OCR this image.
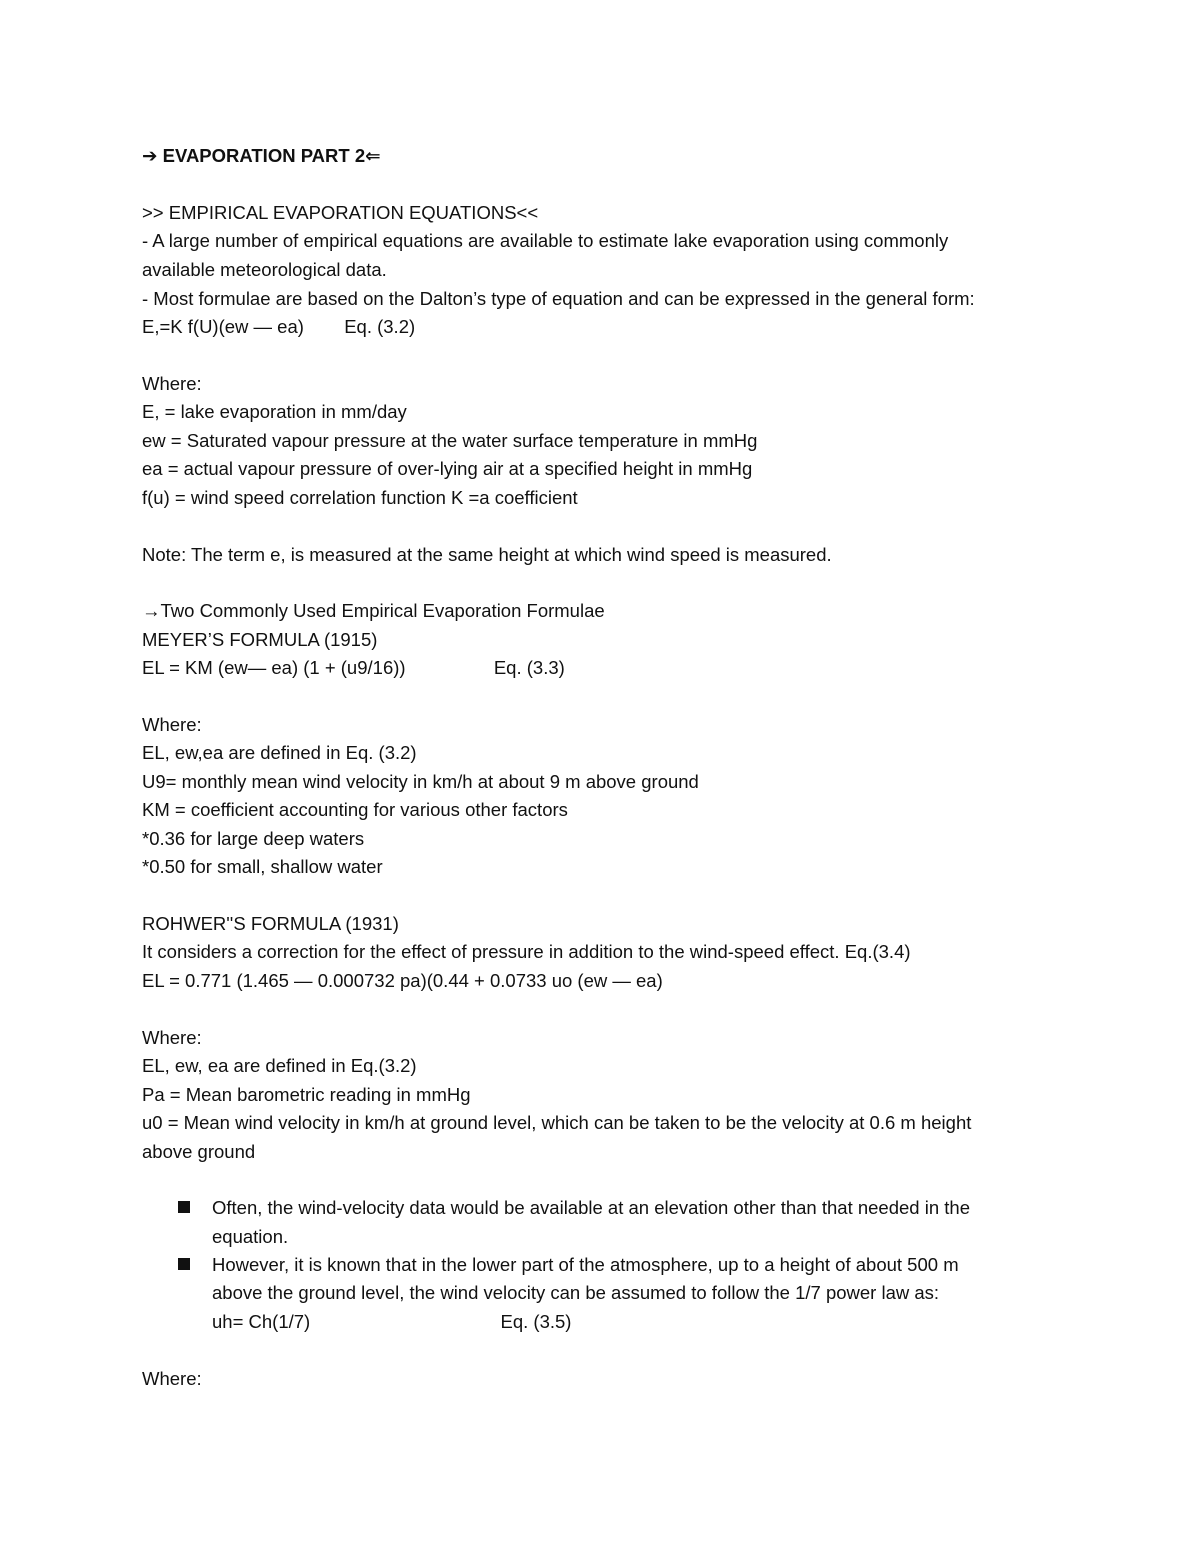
➔ EVAPORATION PART 2⇐
>> EMPIRICAL EVAPORATION EQUATIONS<<
- A large number of empirical equations are available to estimate lake evaporation using commonly
available meteorological data.
- Most formulae are based on the Dalton’s type of equation and can be expressed in the general form:
E,=K f(U)(ew — ea) Eq. (3.2)
Where:
E, = lake evaporation in mm/day
ew = Saturated vapour pressure at the water surface temperature in mmHg
ea = actual vapour pressure of over-lying air at a specified height in mmHg
f(u) = wind speed correlation function K =a coefficient
Note: The term e, is measured at the same height at which wind speed is measured.
→Two Commonly Used Empirical Evaporation Formulae
MEYER’S FORMULA (1915)
EL = KM (ew— ea) (1 + (u9/16))	Eq. (3.3)
Where:
EL, ew,ea are defined in Eq. (3.2)
U9= monthly mean wind velocity in km/h at about 9 m above ground
KM = coefficient accounting for various other factors
*0.36 for large deep waters
*0.50 for small, shallow water
ROHWER''S FORMULA (1931)
It considers a correction for the effect of pressure in addition to the wind-speed effect. Eq.(3.4)
EL = 0.771 (1.465 — 0.000732 pa)(0.44 + 0.0733 uo (ew — ea)
Where:
EL, ew, ea are defined in Eq.(3.2)
Pa = Mean barometric reading in mmHg
u0 = Mean wind velocity in km/h at ground level, which can be taken to be the velocity at 0.6 m height
above ground
Often, the wind-velocity data would be available at an elevation other than that needed in the
equation.
However, it is known that in the lower part of the atmosphere, up to a height of about 500 m
above the ground level, the wind velocity can be assumed to follow the 1/7 power law as:
uh= Ch(1/7)	Eq. (3.5)
Where:
